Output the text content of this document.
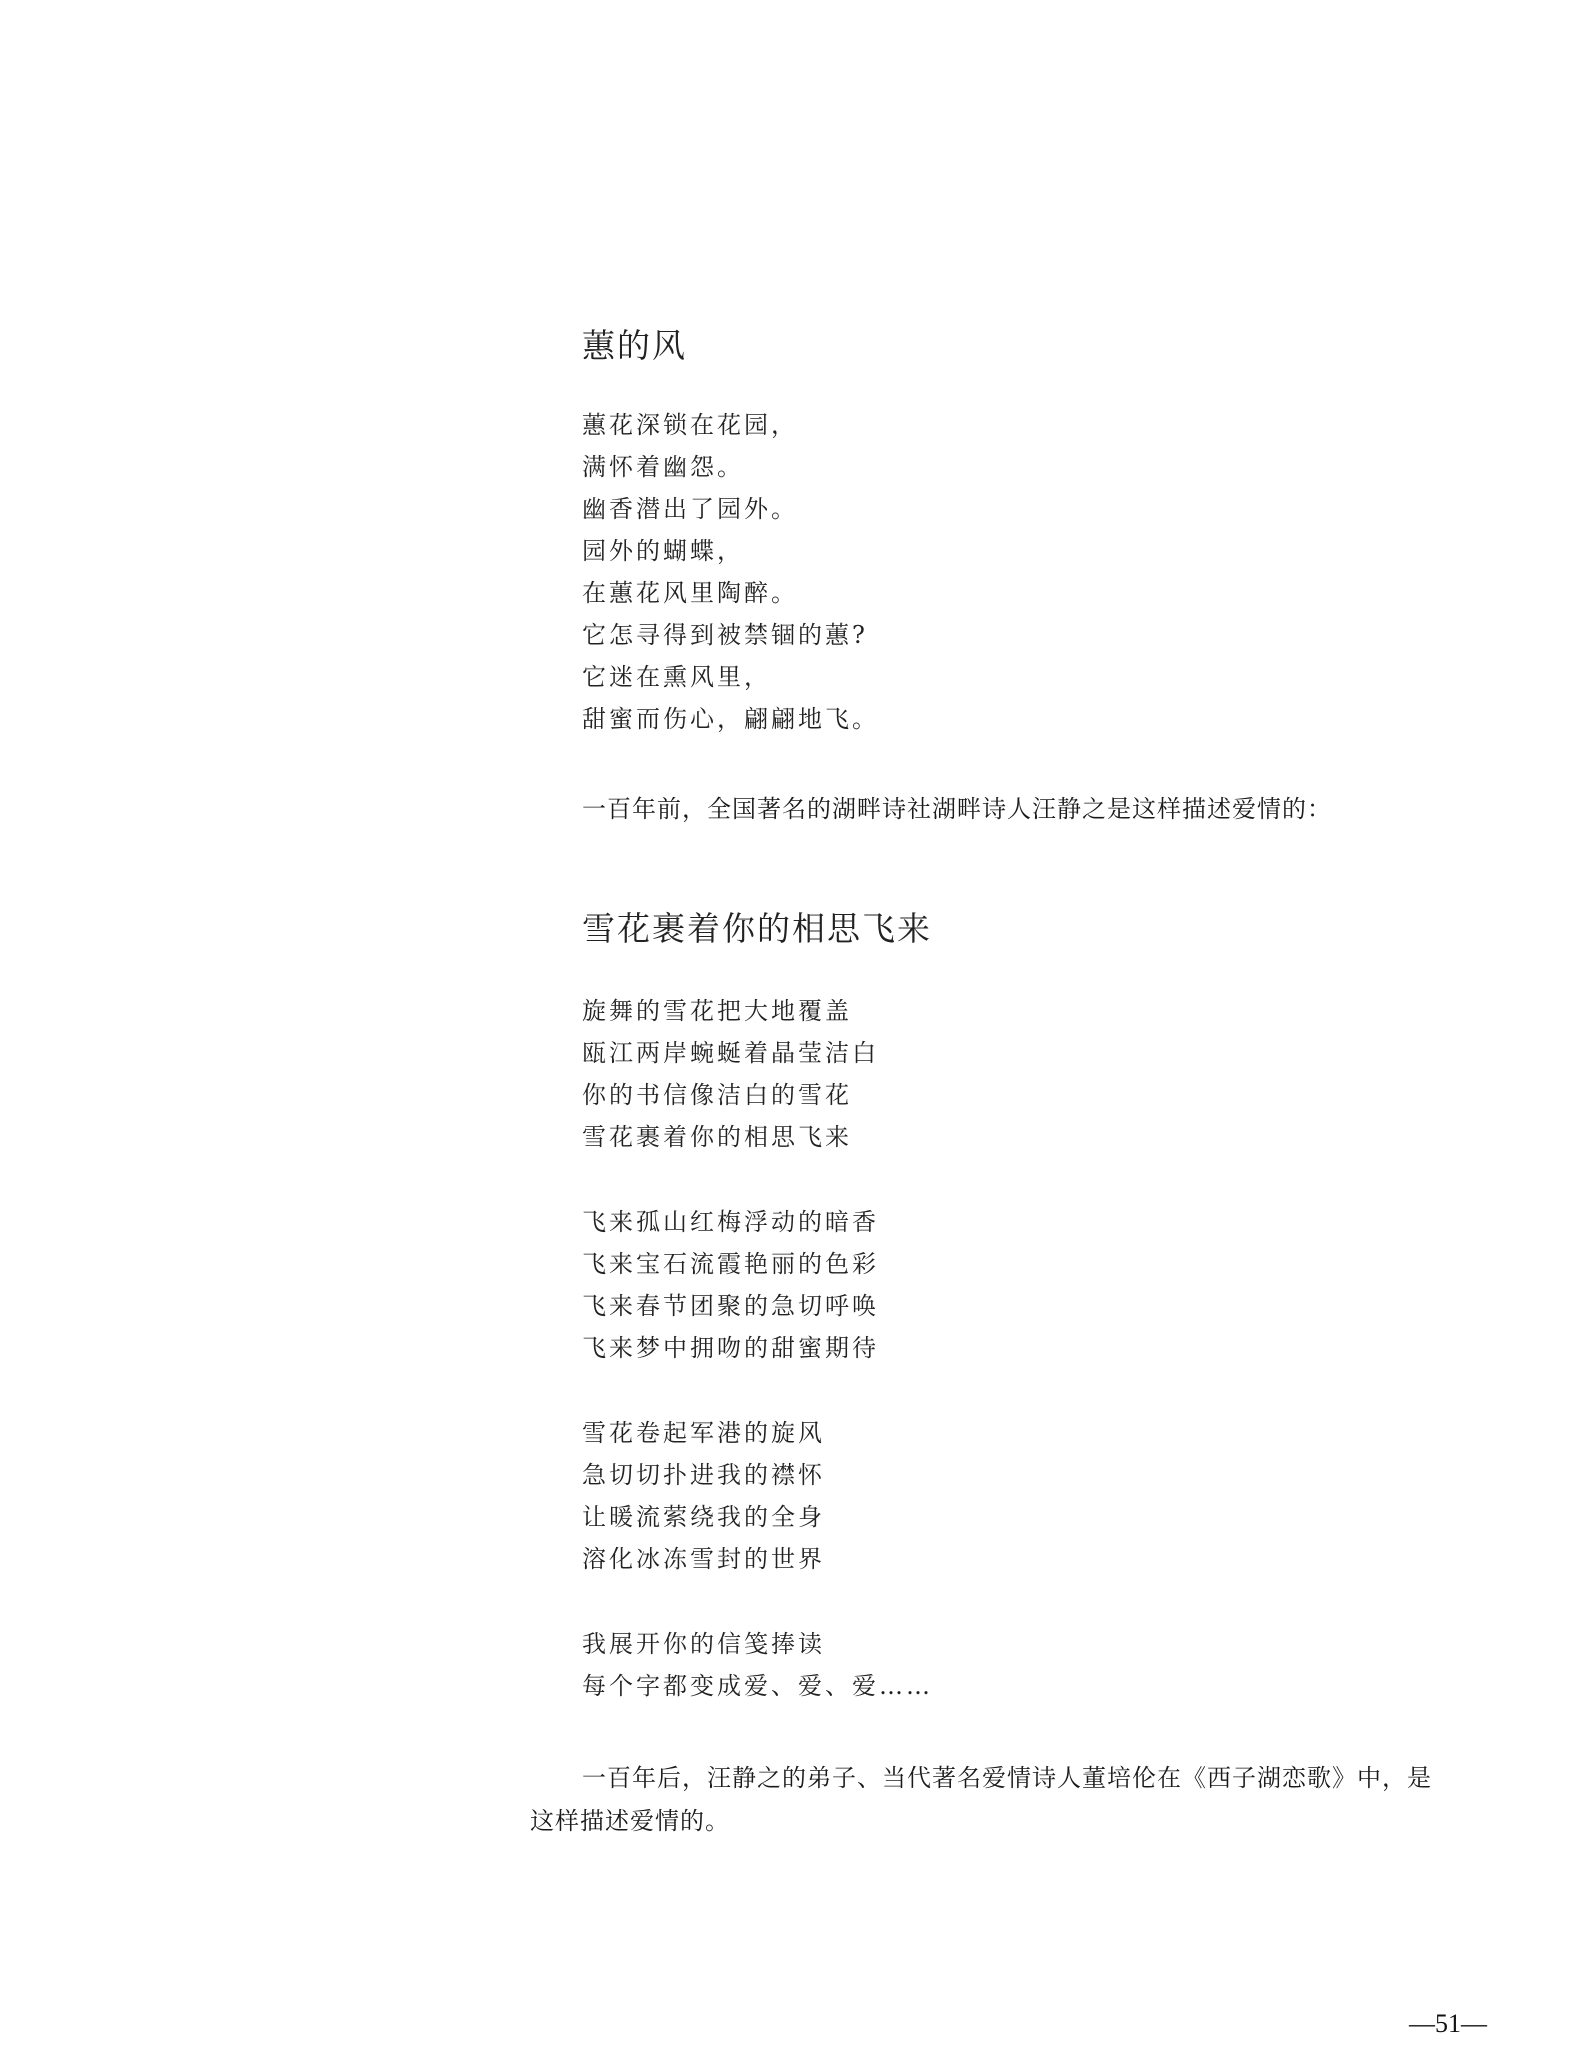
蕙的风
蕙花深锁在花园，
满怀着幽怨。
幽香潜出了园外。
园外的蝴蝶，
在蕙花风里陶醉。
它怎寻得到被禁锢的蕙?
它迷在熏风里，
甜蜜而伤心，翩翩地飞。
一百年前，全国著名的湖畔诗社湖畔诗人汪静之是这样描述爱情的：
雪花裹着你的相思飞来
旋舞的雪花把大地覆盖
瓯江两岸蜿蜒着晶莹洁白
你的书信像洁白的雪花
雪花裹着你的相思飞来
飞来孤山红梅浮动的暗香
飞来宝石流霞艳丽的色彩
飞来春节团聚的急切呼唤
飞来梦中拥吻的甜蜜期待
雪花卷起军港的旋风
急切切扑进我的襟怀
让暖流萦绕我的全身
溶化冰冻雪封的世界
我展开你的信笺捧读
每个字都变成爱、爱、爱……
一百年后，汪静之的弟子、当代著名爱情诗人董培伦在《西子湖恋歌》中，是
这样描述爱情的。
—51—
